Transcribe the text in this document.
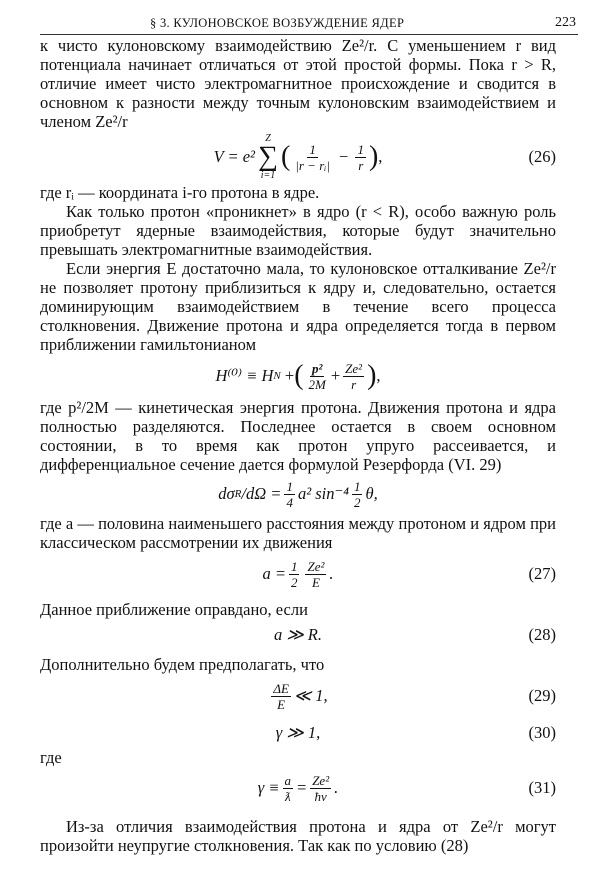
§ 3. КУЛОНОВСКОЕ ВОЗБУЖДЕНИЕ ЯДЕР	223

к чисто кулоновскому взаимодействию Ze²/r. С уменьшением r вид потенциала начинает отличаться от этой простой формы. Пока r > R, отличие имеет чисто электромагнитное происхождение и сводится в основном к разности между точным кулоновским взаимодействием и членом Ze²/r

V = e²
Z
∑
i=1
( $\frac{1}{\text{|r − rᵢ|}} - \frac{1}{r}$ ) ,	(26)

где rᵢ — координата i-го протона в ядре.

Как только протон «проникнет» в ядро (r < R), особо важную роль приобретут ядерные взаимодействия, которые будут значительно превышать электромагнитные взаимодействия.

Если энергия E достаточно мала, то кулоновское отталкивание Ze²/r не позволяет протону приблизиться к ядру и, следовательно, остается доминирующим взаимодействием в течение всего процесса столкновения. Движение протона и ядра определяется тогда в первом приближении гамильтонианом

H⁽⁰⁾ ≡ H N
+ ( $\frac{\text{p²}}{2M} + \frac{\text{Ze²}}{r}$ ) ,

где p²/2M — кинетическая энергия протона. Движения протона и ядра полностью разделяются. Последнее остается в своем основном состоянии, в то время как протон упруго рассеивается, и дифференциальное сечение дается формулой Резерфорда (VI. 29)

dσ R $/d\Omega = \frac{1}{4} a^2$ $\sin^{-4} \frac{1}{2} \theta$,

где a — половина наименьшего расстояния между протоном и ядром при классическом рассмотрении их движения

$a = \frac{1}{2} \frac{\text{Ze²}}{E}$ .	(27)

Данное приближение оправдано, если

a ≫ R.	(28)

Дополнительно будем предполагать, что

$\frac{\Delta E}{E}$ ≪ 1,	(29)
γ ≫ 1,	(30)

где

$\gamma \equiv \frac{a}{ƛ} = \frac{\text{Ze²}}{ħv}$ .	(31)

Из-за отличия взаимодействия протона и ядра от Ze²/r могут произойти неупругие столкновения. Так как по условию (28)
